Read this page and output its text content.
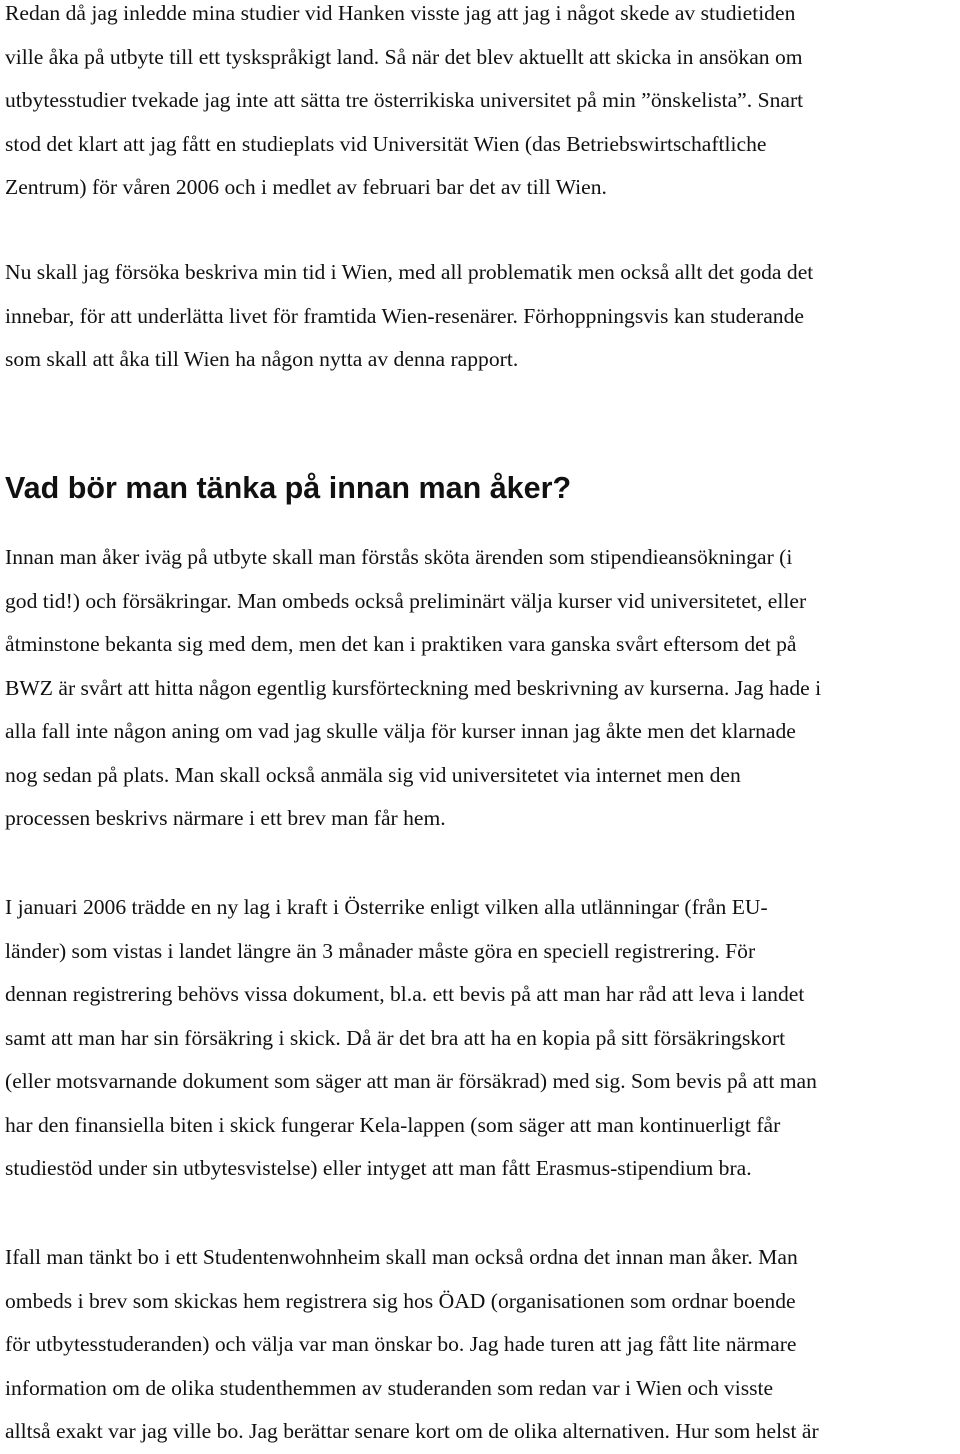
Redan då jag inledde mina studier vid Hanken visste jag att jag i något skede av studietiden
ville åka på utbyte till ett tyskspråkigt land. Så när det blev aktuellt att skicka in ansökan om
utbytesstudier tvekade jag inte att sätta tre österrikiska universitet på min ”önskelista”. Snart
stod det klart att jag fått en studieplats vid Universität Wien (das Betriebswirtschaftliche
Zentrum) för våren 2006 och i medlet av februari bar det av till Wien.

Nu skall jag försöka beskriva min tid i Wien, med all problematik men också allt det goda det
innebar, för att underlätta livet för framtida Wien-resenärer. Förhoppningsvis kan studerande
som skall att åka till Wien ha någon nytta av denna rapport.

Vad bör man tänka på innan man åker?

Innan man åker iväg på utbyte skall man förstås sköta ärenden som stipendieansökningar (i
god tid!) och försäkringar. Man ombeds också preliminärt välja kurser vid universitetet, eller
åtminstone bekanta sig med dem, men det kan i praktiken vara ganska svårt eftersom det på
BWZ är svårt att hitta någon egentlig kursförteckning med beskrivning av kurserna. Jag hade i
alla fall inte någon aning om vad jag skulle välja för kurser innan jag åkte men det klarnade
nog sedan på plats. Man skall också anmäla sig vid universitetet via internet men den
processen beskrivs närmare i ett brev man får hem.

I januari 2006 trädde en ny lag i kraft i Österrike enligt vilken alla utlänningar (från EU-
länder) som vistas i landet längre än 3 månader måste göra en speciell registrering. För
dennan registrering behövs vissa dokument, bl.a. ett bevis på att man har råd att leva i landet
samt att man har sin försäkring i skick. Då är det bra att ha en kopia på sitt försäkringskort
(eller motsvarnande dokument som säger att man är försäkrad) med sig. Som bevis på att man
har den finansiella biten i skick fungerar Kela-lappen (som säger att man kontinuerligt får
studiestöd under sin utbytesvistelse) eller intyget att man fått Erasmus-stipendium bra.

Ifall man tänkt bo i ett Studentenwohnheim skall man också ordna det innan man åker. Man
ombeds i brev som skickas hem registrera sig hos ÖAD (organisationen som ordnar boende
för utbytesstuderanden) och välja var man önskar bo. Jag hade turen att jag fått lite närmare
information om de olika studenthemmen av studeranden som redan var i Wien och visste
alltså exakt var jag ville bo. Jag berättar senare kort om de olika alternativen. Hur som helst är
